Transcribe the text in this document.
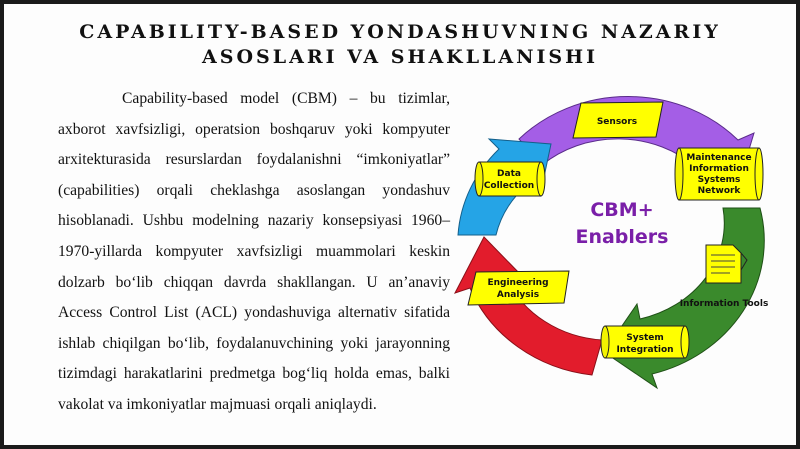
CAPABILITY-BASED YONDASHUVNING NAZARIY
ASOSLARI VA SHAKLLANISHI

Capability-based model (CBM) – bu tizimlar, axborot xavfsizligi, operatsion boshqaruv yoki kompyuter arxitekturasida resurslardan foydalanishni “imkoniyatlar” (capabilities) orqali cheklashga asoslangan yondashuv hisoblanadi. Ushbu modelning nazariy konsepsiyasi 1960–1970-yillarda kompyuter xavfsizligi muammolari keskin dolzarb bo‘lib chiqqan davrda shakllangan. U an’anaviy Access Control List (ACL) yondashuviga alternativ sifatida ishlab chiqilgan bo‘lib, foydalanuvchining yoki jarayonning tizimdagi harakatlarini predmetga bog‘liq holda emas, balki vakolat va imkoniyatlar majmuasi orqali aniqlaydi.

CBM+
Enablers
Sensors
Maintenance
Information
Systems
Network
Information Tools
System
Integration
Engineering
Analysis
Data
Collection
